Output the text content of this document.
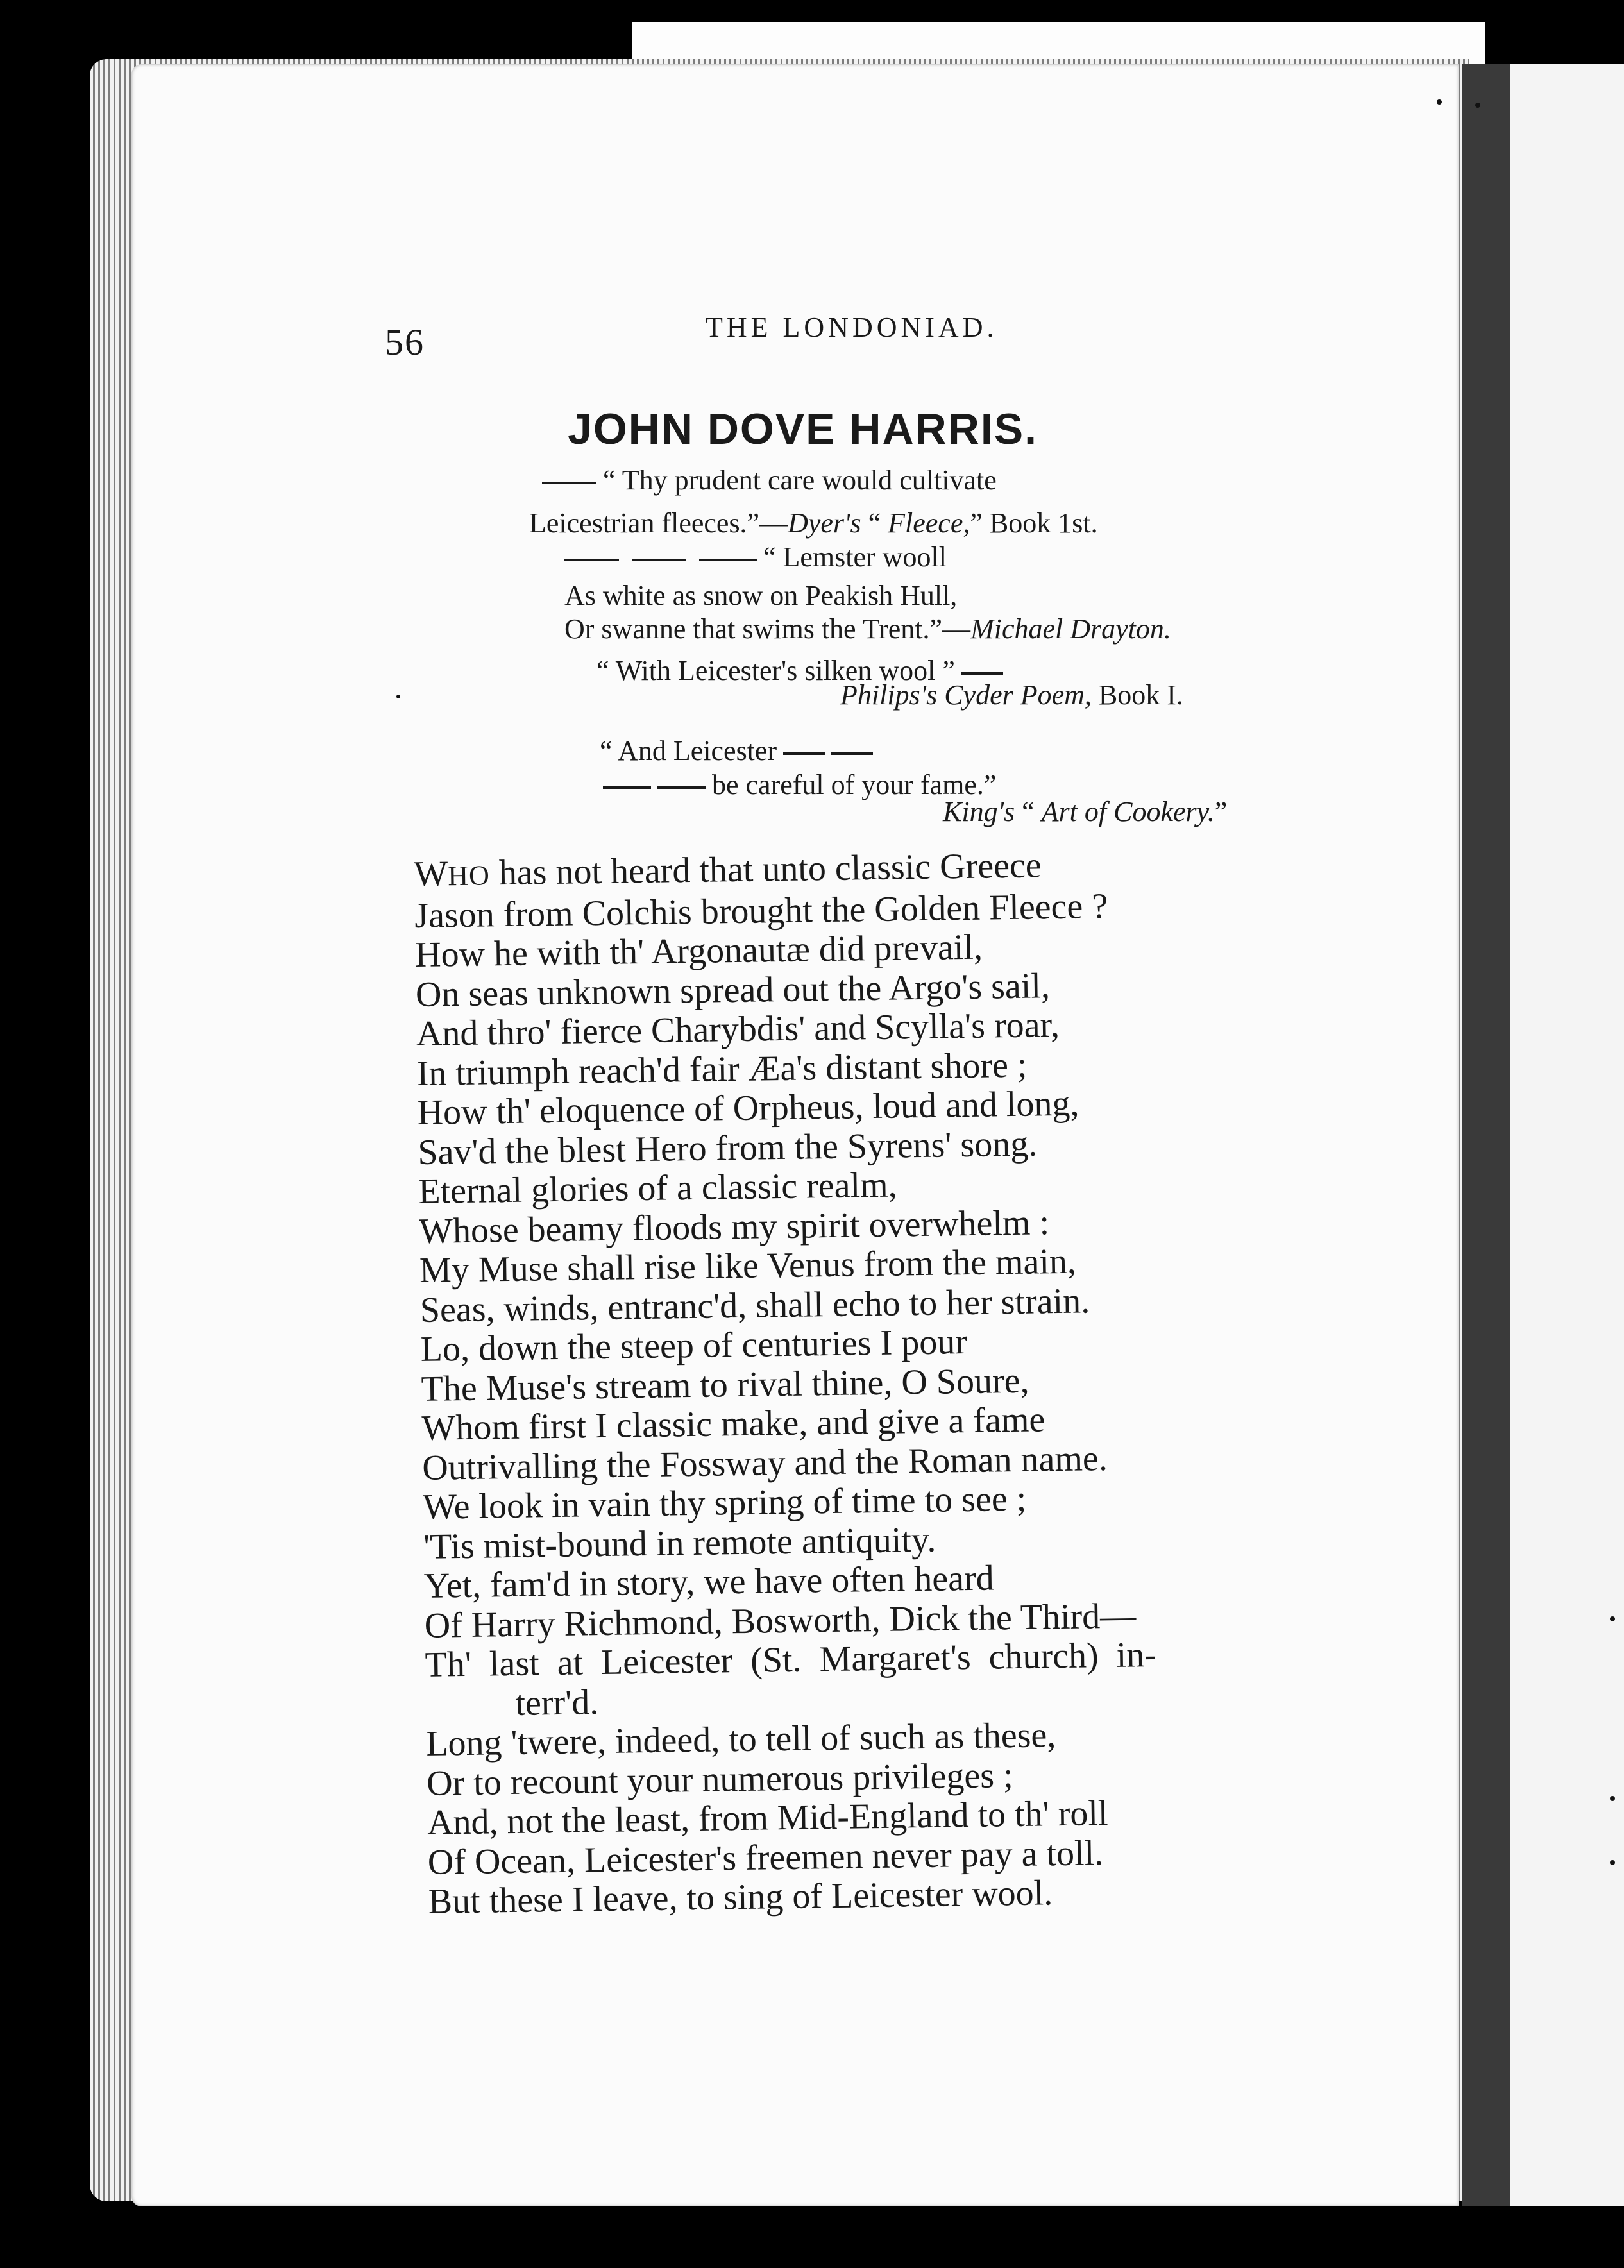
56	THE LONDONIAD.
JOHN DOVE HARRIS.
“ Thy prudent care would cultivate
Leicestrian fleeces.”—Dyer's “ Fleece,” Book 1st.
“ Lemster wooll
As white as snow on Peakish Hull,
Or swanne that swims the Trent.”—Michael Drayton.
“ With Leicester's silken wool ”
Philips's Cyder Poem, Book I.
“ And Leicester
be careful of your fame.”
King's “ Art of Cookery.”
WHO has not heard that unto classic Greece
Jason from Colchis brought the Golden Fleece ?
How he with th' Argonautæ did prevail,
On seas unknown spread out the Argo's sail,
And thro' fierce Charybdis' and Scylla's roar,
In triumph reach'd fair Æa's distant shore ;
How th' eloquence of Orpheus, loud and long,
Sav'd the blest Hero from the Syrens' song.
Eternal glories of a classic realm,
Whose beamy floods my spirit overwhelm :
My Muse shall rise like Venus from the main,
Seas, winds, entranc'd, shall echo to her strain.
Lo, down the steep of centuries I pour
The Muse's stream to rival thine, O Soure,
Whom first I classic make, and give a fame
Outrivalling the Fossway and the Roman name.
We look in vain thy spring of time to see ;
'Tis mist-bound in remote antiquity.
Yet, fam'd in story, we have often heard
Of Harry Richmond, Bosworth, Dick the Third—
Th' last at Leicester (St. Margaret's church) in-
terr'd.
Long 'twere, indeed, to tell of such as these,
Or to recount your numerous privileges ;
And, not the least, from Mid-England to th' roll
Of Ocean, Leicester's freemen never pay a toll.
But these I leave, to sing of Leicester wool.
